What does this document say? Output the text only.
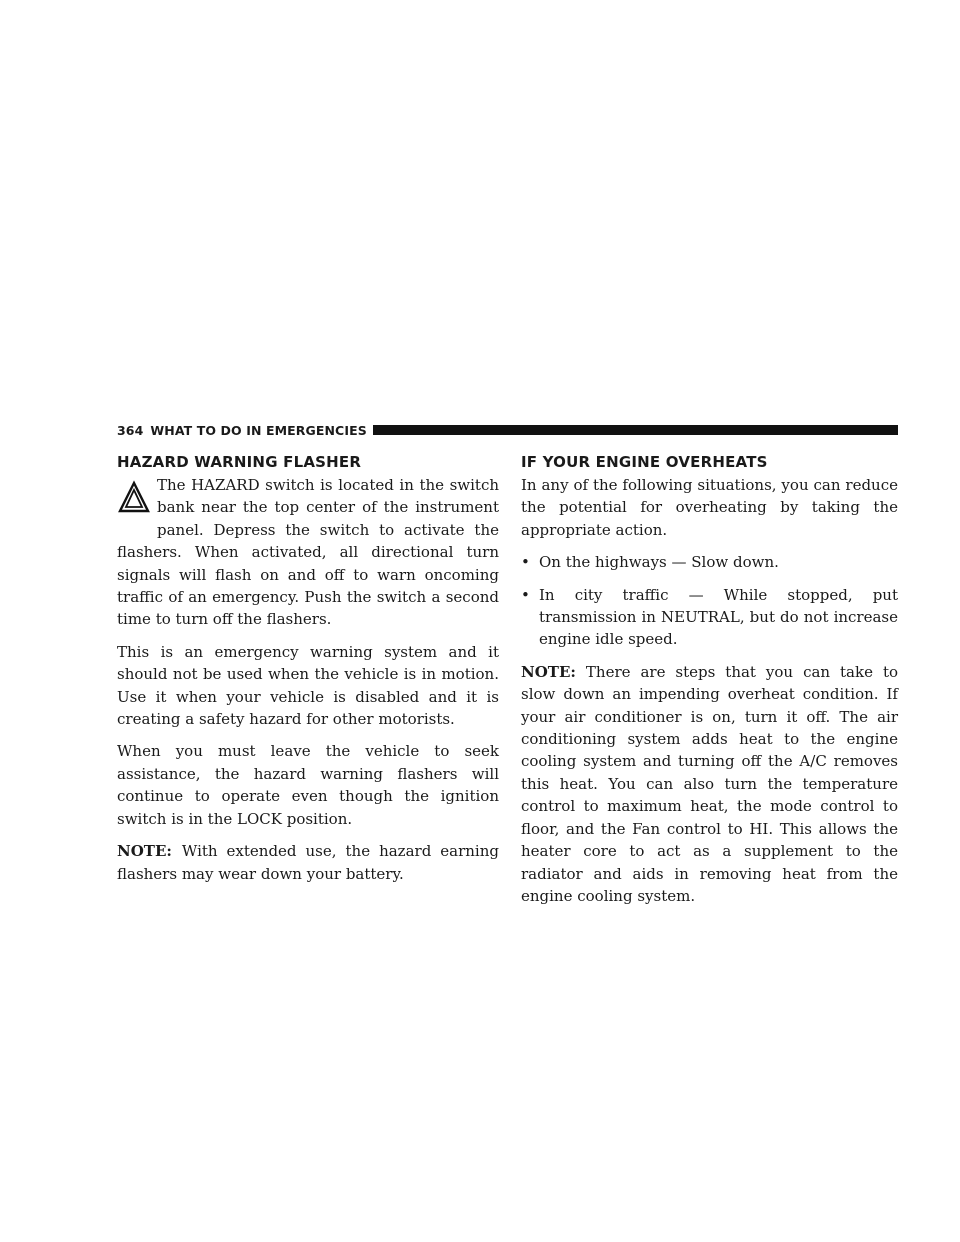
364 WHAT TO DO IN EMERGENCIES
HAZARD WARNING FLASHER

The HAZARD switch is located in the switch bank near the top center of the instrument panel. Depress the switch to activate the flashers. When activated, all directional turn signals will flash on and off to warn oncoming traffic of an emergency. Push the switch a second time to turn off the flashers.

This is an emergency warning system and it should not be used when the vehicle is in motion. Use it when your vehicle is disabled and it is creating a safety hazard for other motorists.

When you must leave the vehicle to seek assistance, the hazard warning flashers will continue to operate even though the ignition switch is in the LOCK position.

NOTE: With extended use, the hazard earning flashers may wear down your battery.

IF YOUR ENGINE OVERHEATS

In any of the following situations, you can reduce the potential for overheating by taking the appropriate action.

• On the highways — Slow down.
• In city traffic — While stopped, put transmission in NEUTRAL, but do not increase engine idle speed.

NOTE: There are steps that you can take to slow down an impending overheat condition. If your air conditioner is on, turn it off. The air conditioning system adds heat to the engine cooling system and turning off the A/C removes this heat. You can also turn the temperature control to maximum heat, the mode control to floor, and the Fan control to HI. This allows the heater core to act as a supplement to the radiator and aids in removing heat from the engine cooling system.
